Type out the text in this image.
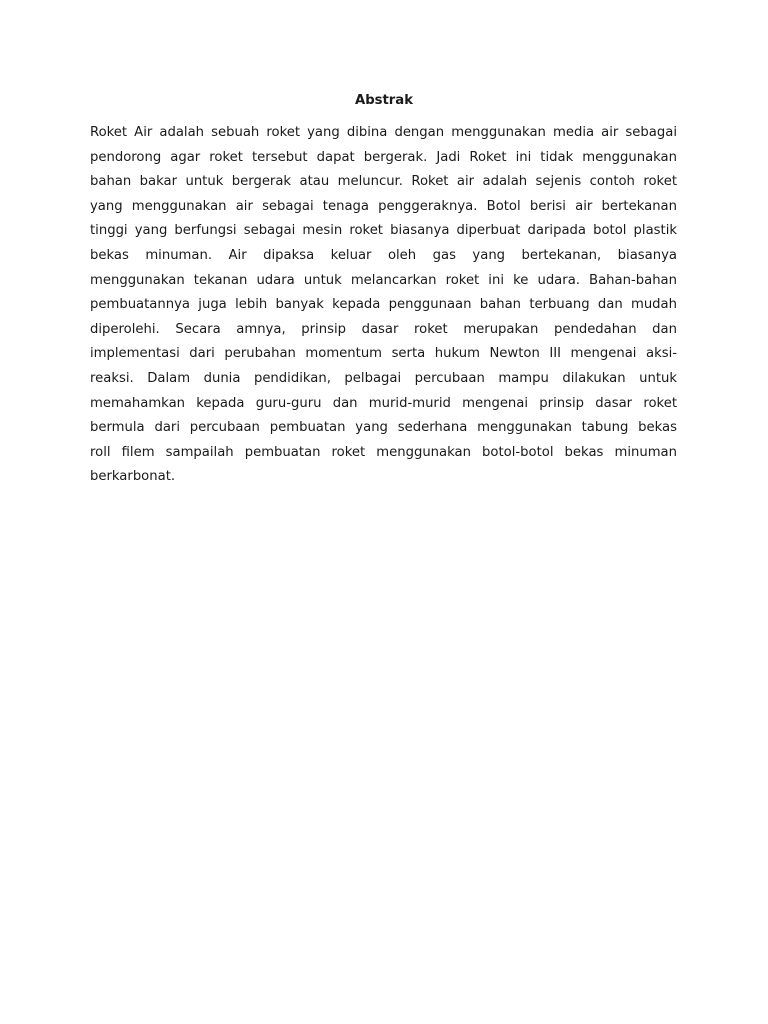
Abstrak
Roket Air adalah sebuah roket yang dibina dengan menggunakan media air sebagai
pendorong agar roket tersebut dapat bergerak. Jadi Roket ini tidak menggunakan
bahan bakar untuk bergerak atau meluncur. Roket air adalah sejenis contoh roket
yang menggunakan air sebagai tenaga penggeraknya. Botol berisi air bertekanan
tinggi yang berfungsi sebagai mesin roket biasanya diperbuat daripada botol plastik
bekas minuman. Air dipaksa keluar oleh gas yang bertekanan, biasanya
menggunakan tekanan udara untuk melancarkan roket ini ke udara. Bahan-bahan
pembuatannya juga lebih banyak kepada penggunaan bahan terbuang dan mudah
diperolehi. Secara amnya, prinsip dasar roket merupakan pendedahan dan
implementasi dari perubahan momentum serta hukum Newton III mengenai aksi-
reaksi. Dalam dunia pendidikan, pelbagai percubaan mampu dilakukan untuk
memahamkan kepada guru-guru dan murid-murid mengenai prinsip dasar roket
bermula dari percubaan pembuatan yang sederhana menggunakan tabung bekas
roll filem sampailah pembuatan roket menggunakan botol-botol bekas minuman
berkarbonat.
